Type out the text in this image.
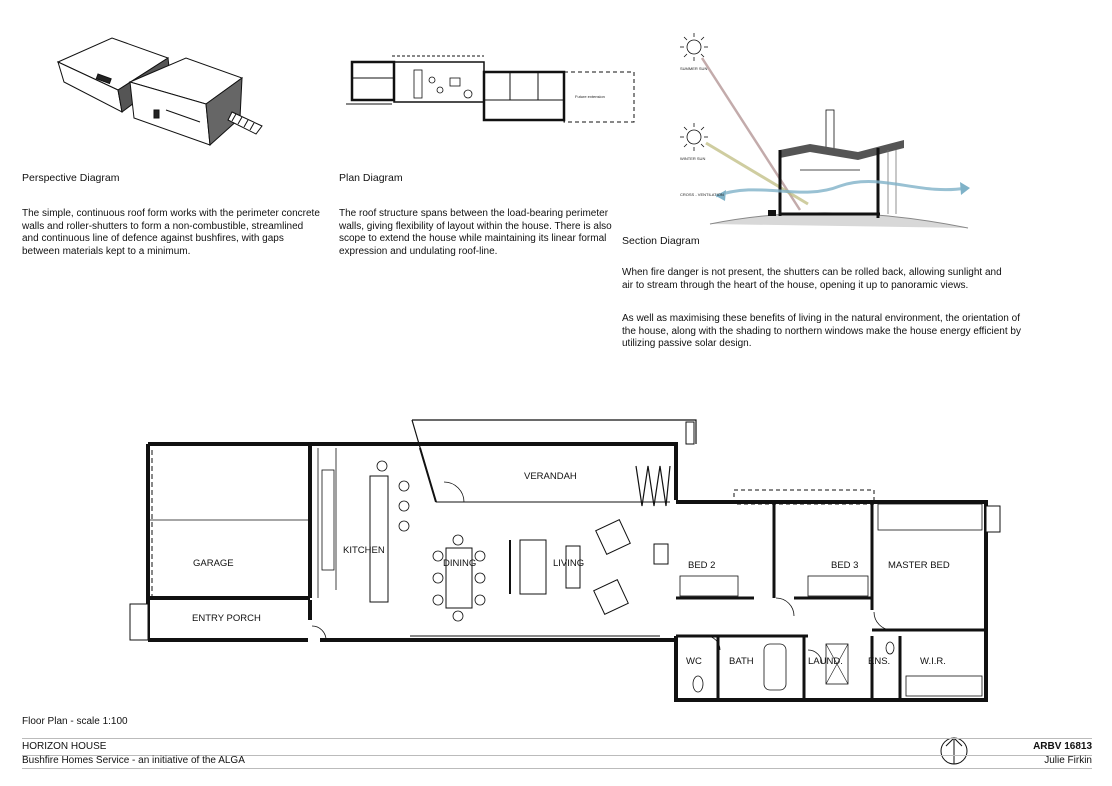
Perspective Diagram
The simple, continuous roof form works with the perimeter concrete walls and roller-shutters to form a non-combustible, streamlined and continuous line of defence against bushfires, with gaps between materials kept to a minimum.
Plan Diagram
The roof structure spans between the load-bearing perimeter walls, giving flexibility of layout within the house. There is also scope to extend the house while maintaining its linear formal expression and undulating roof-line.
Section Diagram
When fire danger is not present, the shutters can be rolled back, allowing sunlight and air to stream through the heart of the house, opening it up to panoramic views.
As well as maximising these benefits of living in the natural environment, the orientation of the house, along with the shading to northern windows make the house energy efficient by utilizing passive solar design.
Future extension
SUMMER SUN
WINTER SUN
CROSS - VENTILATION
VERANDAH
GARAGE
KITCHEN
DINING	LIVING	BED 2	BED 3	MASTER BED
ENTRY PORCH
WC	BATH	LAUND.	ENS.	W.I.R.
Floor Plan - scale 1:100
HORIZON HOUSE
Bushfire Homes Service - an initiative of the ALGA
ARBV 16813
Julie Firkin
